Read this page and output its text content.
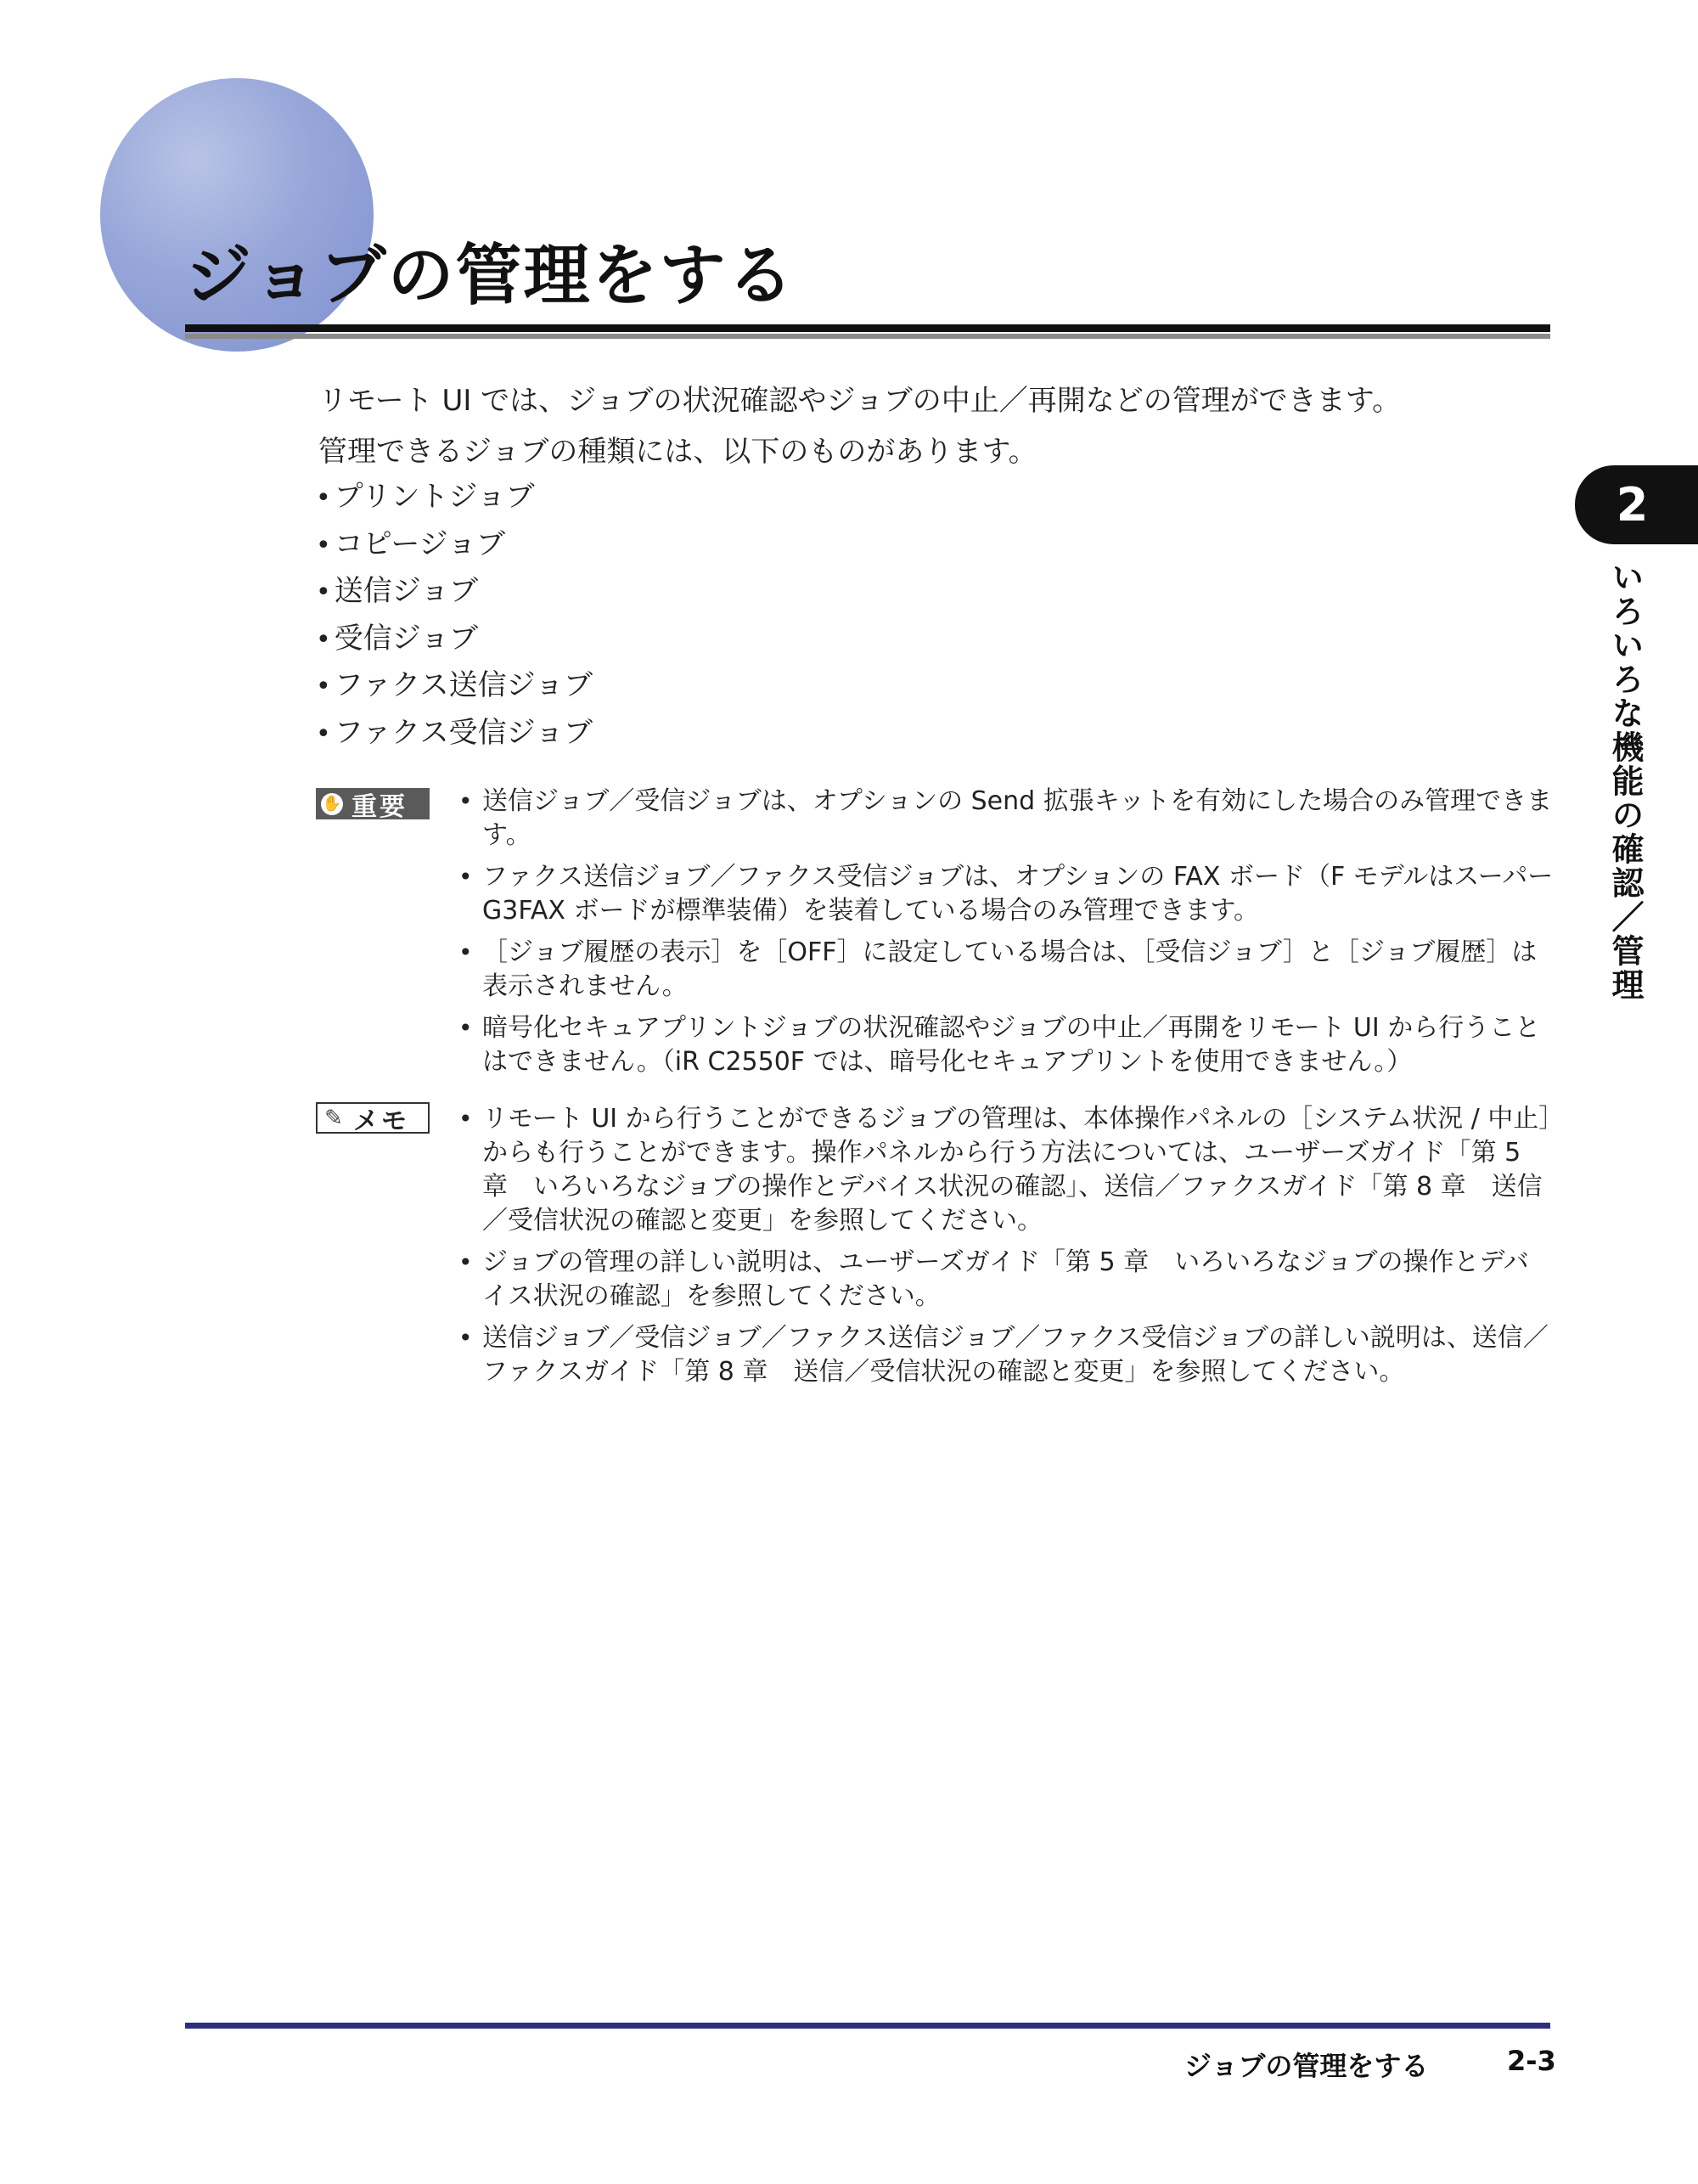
ジョブの管理をする
2
いろいろな機能の確認／管理

リモート UI では、ジョブの状況確認やジョブの中止／再開などの管理ができます。

管理できるジョブの種類には、以下のものがあります。

• プリントジョブ
• コピージョブ
• 送信ジョブ
• 受信ジョブ
• ファクス送信ジョブ
• ファクス受信ジョブ
✋ 重要	• 送信ジョブ／受信ジョブは、オプションの Send 拡張キットを有効にした場合のみ管理できます。
• ファクス送信ジョブ／ファクス受信ジョブは、オプションの FAX ボード（F モデルはスーパー G3FAX ボードが標準装備）を装着している場合のみ管理できます。
• ［ジョブ履歴の表示］を［OFF］に設定している場合は、［受信ジョブ］と［ジョブ履歴］は表示されません。
• 暗号化セキュアプリントジョブの状況確認やジョブの中止／再開をリモート UI から行うことはできません。（iR C2550F では、暗号化セキュアプリントを使用できません。）
✎ メモ	• リモート UI から行うことができるジョブの管理は、本体操作パネルの［システム状況 / 中止］からも行うことができます。操作パネルから行う方法については、ユーザーズガイド「第 5 章　いろいろなジョブの操作とデバイス状況の確認」、送信／ファクスガイド「第 8 章　送信／受信状況の確認と変更」を参照してください。
• ジョブの管理の詳しい説明は、ユーザーズガイド「第 5 章　いろいろなジョブの操作とデバイス状況の確認」を参照してください。
• 送信ジョブ／受信ジョブ／ファクス送信ジョブ／ファクス受信ジョブの詳しい説明は、送信／ファクスガイド「第 8 章　送信／受信状況の確認と変更」を参照してください。
ジョブの管理をする	2-3
